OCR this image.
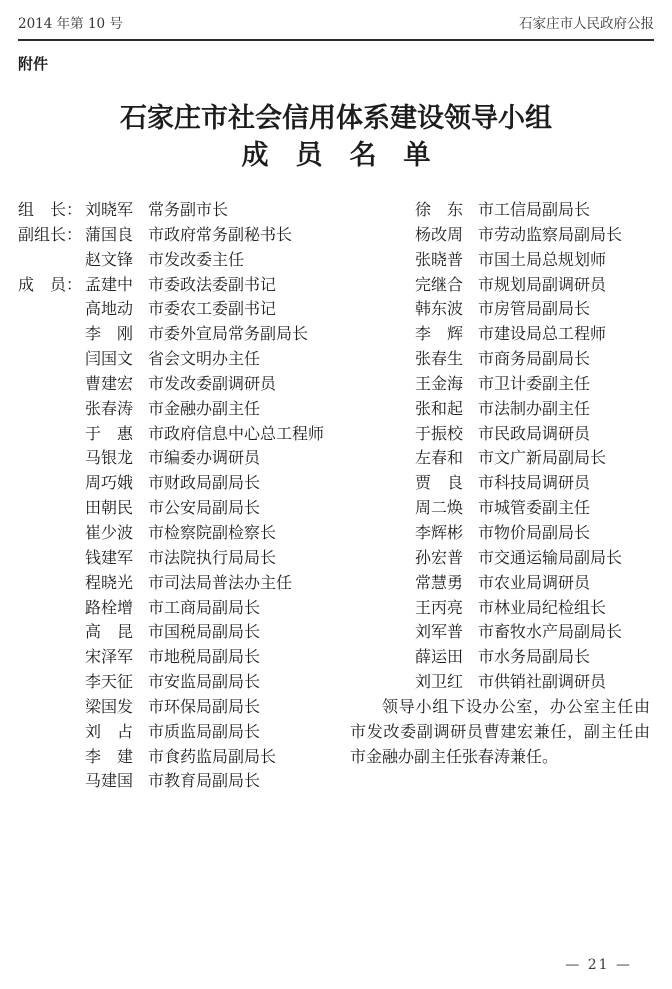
2014 年第 10 号	石家庄市人民政府公报
附件
石家庄市社会信用体系建设领导小组
成　员　名　单
组　长： 刘晓军 常务副市长
副组长： 蒲国良 市政府常务副秘书长
赵文锋 市发改委主任
成　员： 孟建中 市委政法委副书记
高地动 市委农工委副书记
李　刚 市委外宣局常务副局长
闫国文 省会文明办主任
曹建宏 市发改委副调研员
张春涛 市金融办副主任
于　惠 市政府信息中心总工程师
马银龙 市编委办调研员
周巧娥 市财政局副局长
田朝民 市公安局副局长
崔少波 市检察院副检察长
钱建军 市法院执行局局长
程晓光 市司法局普法办主任
路栓增 市工商局副局长
高　昆 市国税局副局长
宋泽军 市地税局副局长
李天征 市安监局副局长
梁国发 市环保局副局长
刘　占 市质监局副局长
李　建 市食药监局副局长
马建国 市教育局副局长
徐　东 市工信局副局长
杨改周 市劳动监察局副局长
张晓普 市国土局总规划师
完继合 市规划局副调研员
韩东波 市房管局副局长
李　辉 市建设局总工程师
张春生 市商务局副局长
王金海 市卫计委副主任
张和起 市法制办副主任
于振校 市民政局调研员
左春和 市文广新局副局长
贾　良 市科技局调研员
周二焕 市城管委副主任
李辉彬 市物价局副局长
孙宏普 市交通运输局副局长
常慧勇 市农业局调研员
王丙亮 市林业局纪检组长
刘军普 市畜牧水产局副局长
薛运田 市水务局副局长
刘卫红 市供销社副调研员

领导小组下设办公室，办公室主任由市发改委副调研员曹建宏兼任，副主任由市金融办副主任张春涛兼任。

— 21 —
